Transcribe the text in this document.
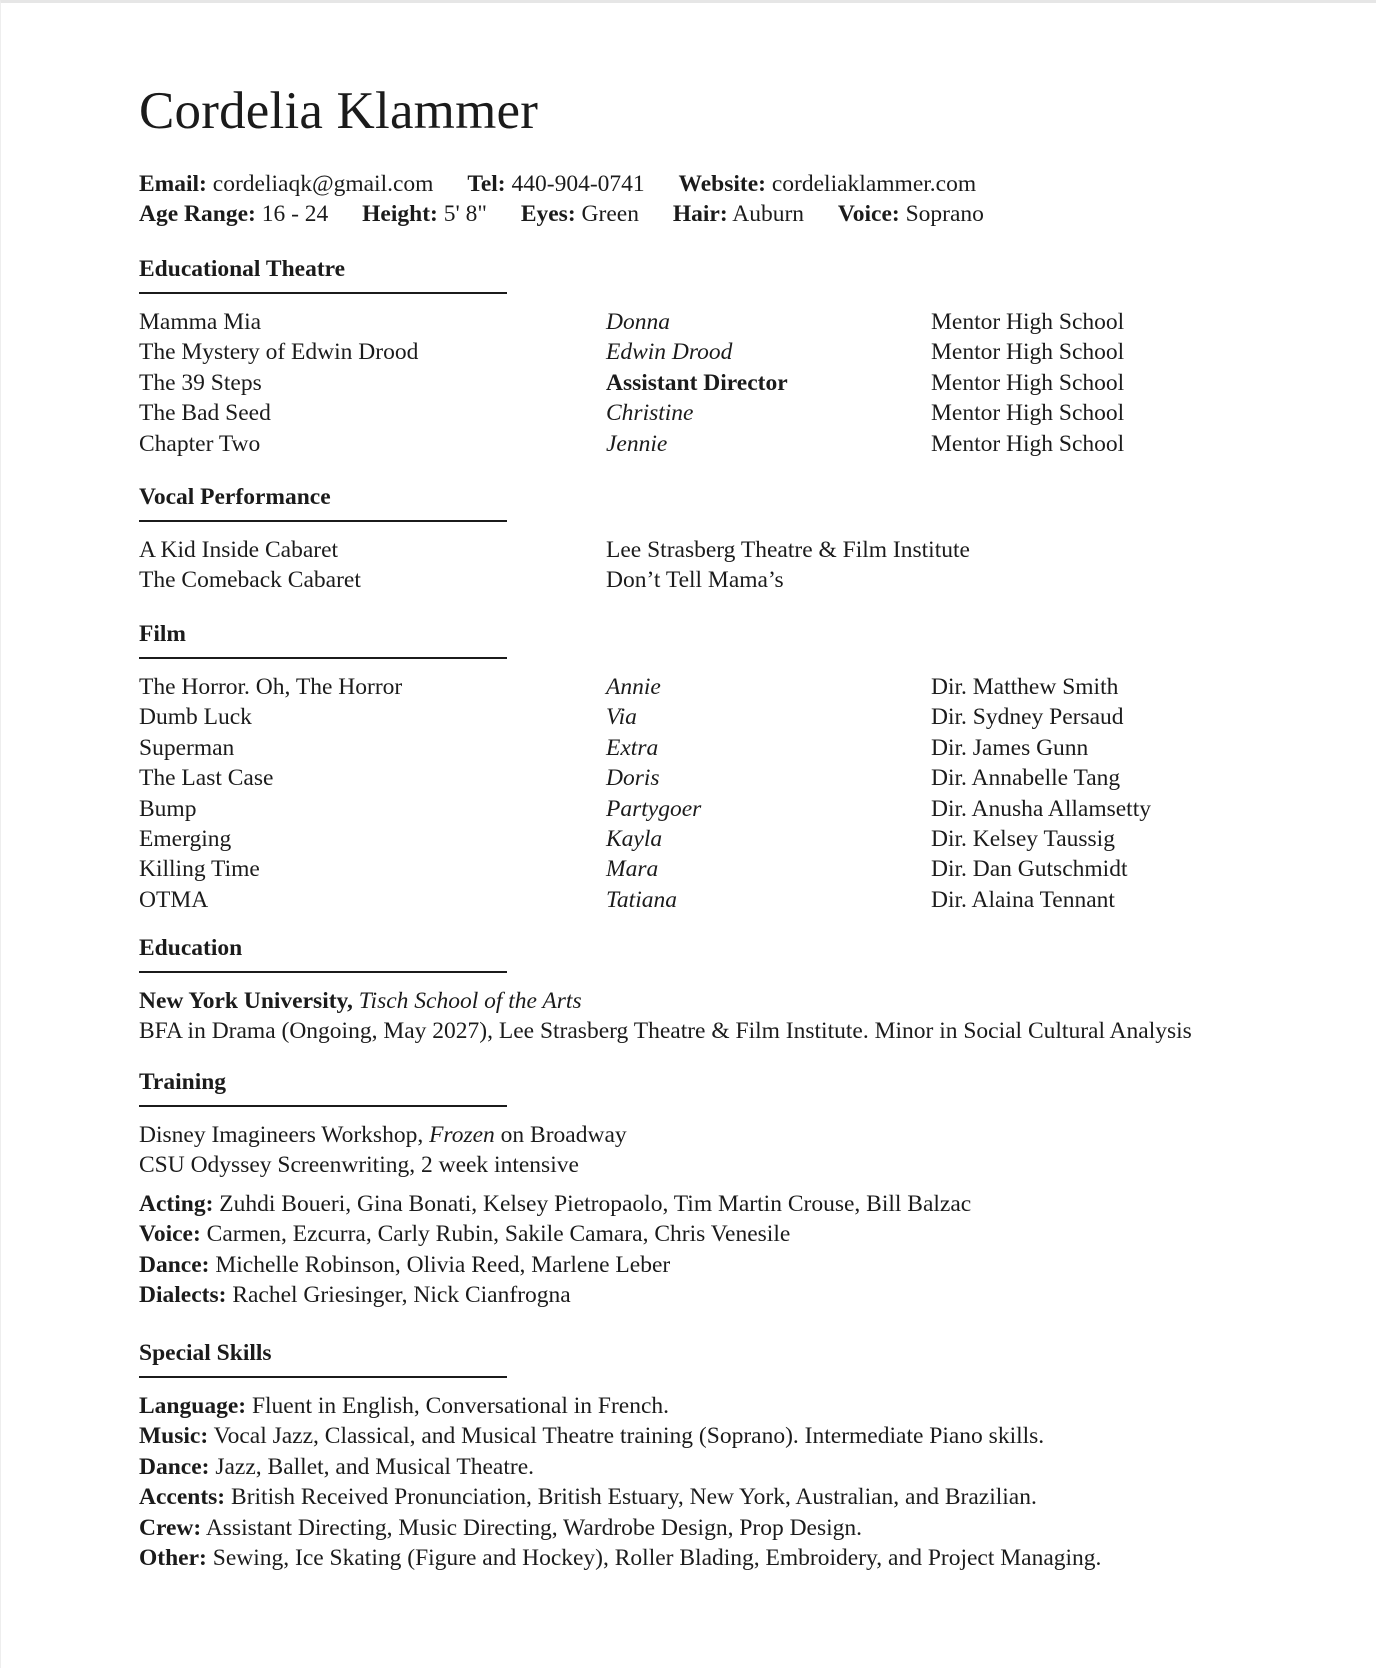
Cordelia Klammer
Email: cordeliaqk@gmail.com Tel: 440-904-0741 Website: cordeliaklammer.com
Age Range: 16 - 24 Height: 5' 8" Eyes: Green Hair: Auburn Voice: Soprano
Educational Theatre
Mamma Mia	Donna	Mentor High School
The Mystery of Edwin Drood	Edwin Drood	Mentor High School
The 39 Steps	Assistant Director	Mentor High School
The Bad Seed	Christine	Mentor High School
Chapter Two	Jennie	Mentor High School
Vocal Performance
A Kid Inside Cabaret	Lee Strasberg Theatre & Film Institute
The Comeback Cabaret	Don’t Tell Mama’s
Film
The Horror. Oh, The Horror	Annie	Dir. Matthew Smith
Dumb Luck	Via	Dir. Sydney Persaud
Superman	Extra	Dir. James Gunn
The Last Case	Doris	Dir. Annabelle Tang
Bump	Partygoer	Dir. Anusha Allamsetty
Emerging	Kayla	Dir. Kelsey Taussig
Killing Time	Mara	Dir. Dan Gutschmidt
OTMA	Tatiana	Dir. Alaina Tennant
Education
New York University, Tisch School of the Arts
BFA in Drama (Ongoing, May 2027), Lee Strasberg Theatre & Film Institute. Minor in Social Cultural Analysis
Training
Disney Imagineers Workshop, Frozen on Broadway
CSU Odyssey Screenwriting, 2 week intensive
Acting: Zuhdi Boueri, Gina Bonati, Kelsey Pietropaolo, Tim Martin Crouse, Bill Balzac
Voice: Carmen, Ezcurra, Carly Rubin, Sakile Camara, Chris Venesile
Dance: Michelle Robinson, Olivia Reed, Marlene Leber
Dialects: Rachel Griesinger, Nick Cianfrogna
Special Skills
Language: Fluent in English, Conversational in French.
Music: Vocal Jazz, Classical, and Musical Theatre training (Soprano). Intermediate Piano skills.
Dance: Jazz, Ballet, and Musical Theatre.
Accents: British Received Pronunciation, British Estuary, New York, Australian, and Brazilian.
Crew: Assistant Directing, Music Directing, Wardrobe Design, Prop Design.
Other: Sewing, Ice Skating (Figure and Hockey), Roller Blading, Embroidery, and Project Managing.
